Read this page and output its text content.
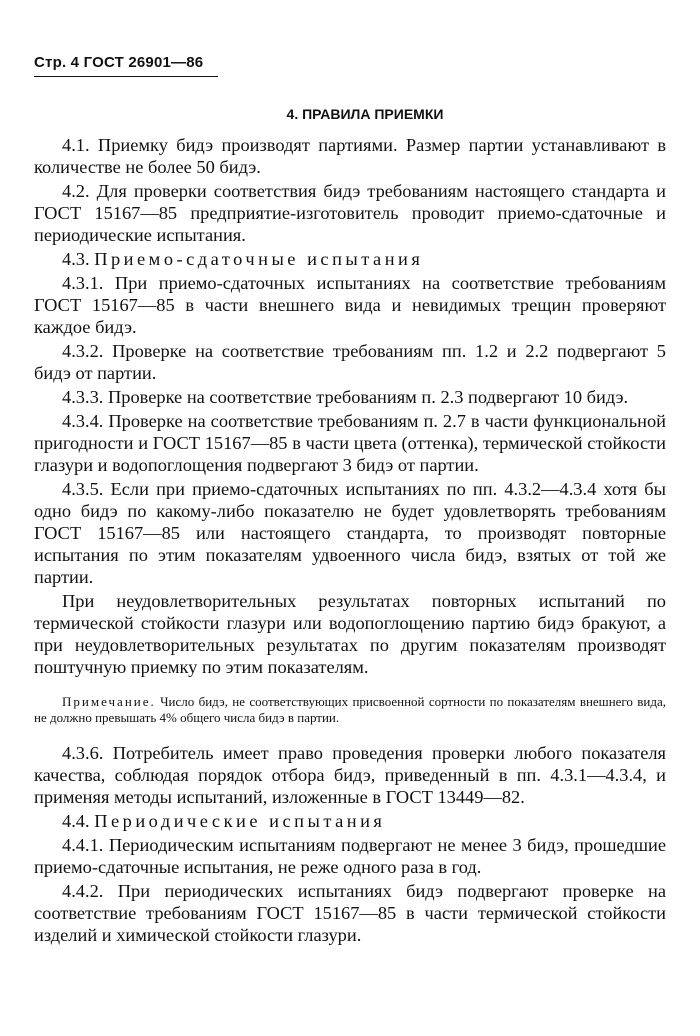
Стр. 4 ГОСТ 26901—86
4. ПРАВИЛА ПРИЕМКИ

4.1. Приемку бидэ производят партиями. Размер партии устанавливают в количестве не более 50 бидэ.

4.2. Для проверки соответствия бидэ требованиям настоящего стандарта и ГОСТ 15167—85 предприятие-изготовитель проводит приемо-сдаточные и периодические испытания.

4.3. Приемо-сдаточные испытания

4.3.1. При приемо-сдаточных испытаниях на соответствие требованиям ГОСТ 15167—85 в части внешнего вида и невидимых трещин проверяют каждое бидэ.

4.3.2. Проверке на соответствие требованиям пп. 1.2 и 2.2 подвергают 5 бидэ от партии.

4.3.3. Проверке на соответствие требованиям п. 2.3 подвергают 10 бидэ.

4.3.4. Проверке на соответствие требованиям п. 2.7 в части функциональной пригодности и ГОСТ 15167—85 в части цвета (оттенка), термической стойкости глазури и водопоглощения подвергают 3 бидэ от партии.

4.3.5. Если при приемо-сдаточных испытаниях по пп. 4.3.2—4.3.4 хотя бы одно бидэ по какому-либо показателю не будет удовлетворять требованиям ГОСТ 15167—85 или настоящего стандарта, то производят повторные испытания по этим показателям удвоенного числа бидэ, взятых от той же партии.

При неудовлетворительных результатах повторных испытаний по термической стойкости глазури или водопоглощению партию бидэ бракуют, а при неудовлетворительных результатах по другим показателям производят поштучную приемку по этим показателям.

Примечание. Число бидэ, не соответствующих присвоенной сортности по показателям внешнего вида, не должно превышать 4% общего числа бидэ в партии.

4.3.6. Потребитель имеет право проведения проверки любого показателя качества, соблюдая порядок отбора бидэ, приведенный в пп. 4.3.1—4.3.4, и применяя методы испытаний, изложенные в ГОСТ 13449—82.

4.4. Периодические испытания

4.4.1. Периодическим испытаниям подвергают не менее 3 бидэ, прошедшие приемо-сдаточные испытания, не реже одного раза в год.

4.4.2. При периодических испытаниях бидэ подвергают проверке на соответствие требованиям ГОСТ 15167—85 в части термической стойкости изделий и химической стойкости глазури.
